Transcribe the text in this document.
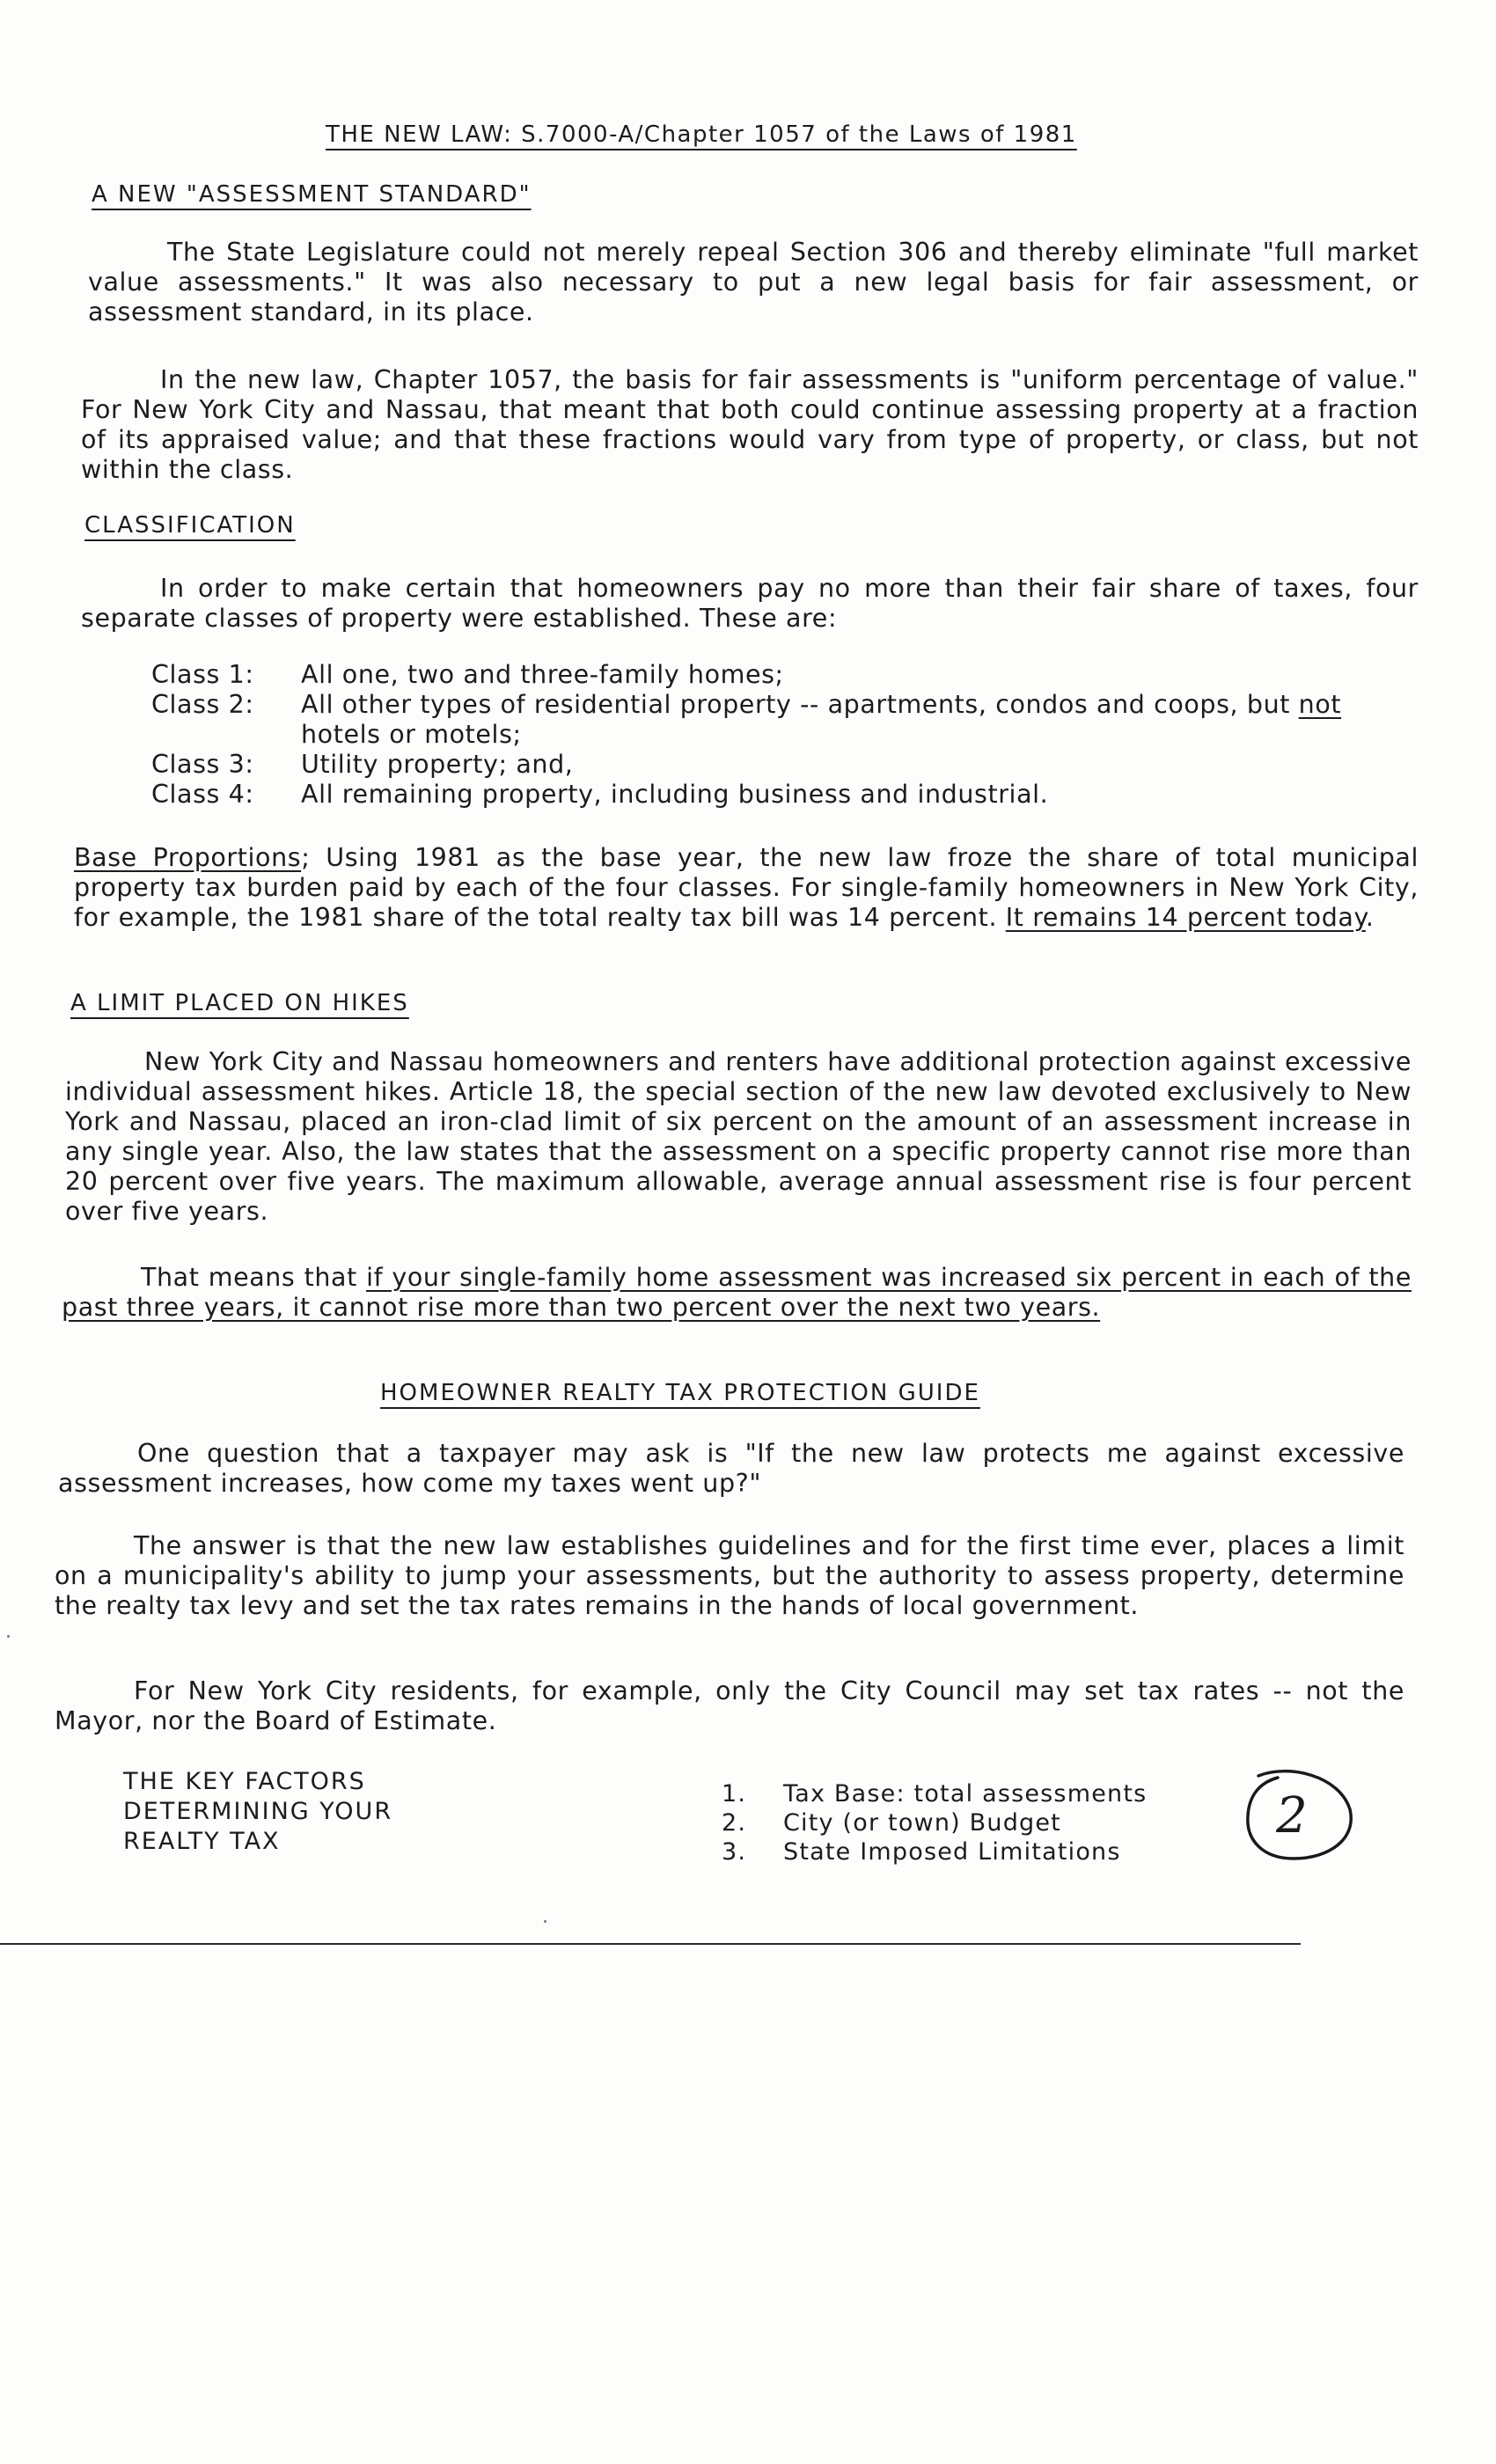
THE NEW LAW: S.7000-A/Chapter 1057 of the Laws of 1981
A NEW "ASSESSMENT STANDARD"
The State Legislature could not merely repeal Section 306 and thereby eliminate "full market value assessments." It was also necessary to put a new legal basis for fair assessment, or assessment standard, in its place.
In the new law, Chapter 1057, the basis for fair assessments is "uniform percentage of value." For New York City and Nassau, that meant that both could continue assessing property at a fraction of its appraised value; and that these fractions would vary from type of property, or class, but not within the class.
CLASSIFICATION
In order to make certain that homeowners pay no more than their fair share of taxes, four separate classes of property were established. These are:
Class 1:	All one, two and three-family homes;
Class 2:	All other types of residential property -- apartments, condos and coops, but not hotels or motels;
Class 3:	Utility property; and,
Class 4:	All remaining property, including business and industrial.
Base Proportions; Using 1981 as the base year, the new law froze the share of total municipal property tax burden paid by each of the four classes. For single-family homeowners in New York City, for example, the 1981 share of the total realty tax bill was 14 percent. It remains 14 percent today.
A LIMIT PLACED ON HIKES
New York City and Nassau homeowners and renters have additional protection against excessive individual assessment hikes. Article 18, the special section of the new law devoted exclusively to New York and Nassau, placed an iron-clad limit of six percent on the amount of an assessment increase in any single year. Also, the law states that the assessment on a specific property cannot rise more than 20 percent over five years. The maximum allowable, average annual assessment rise is four percent over five years.
That means that if your single-family home assessment was increased six percent in each of the past three years, it cannot rise more than two percent over the next two years.
HOMEOWNER REALTY TAX PROTECTION GUIDE
One question that a taxpayer may ask is "If the new law protects me against excessive assessment increases, how come my taxes went up?"
The answer is that the new law establishes guidelines and for the first time ever, places a limit on a municipality's ability to jump your assessments, but the authority to assess property, determine the realty tax levy and set the tax rates remains in the hands of local government.
For New York City residents, for example, only the City Council may set tax rates -- not the Mayor, nor the Board of Estimate.
THE KEY FACTORS
DETERMINING YOUR
REALTY TAX
1.	Tax Base: total assessments
2.	City (or town) Budget
3.	State Imposed Limitations
2
